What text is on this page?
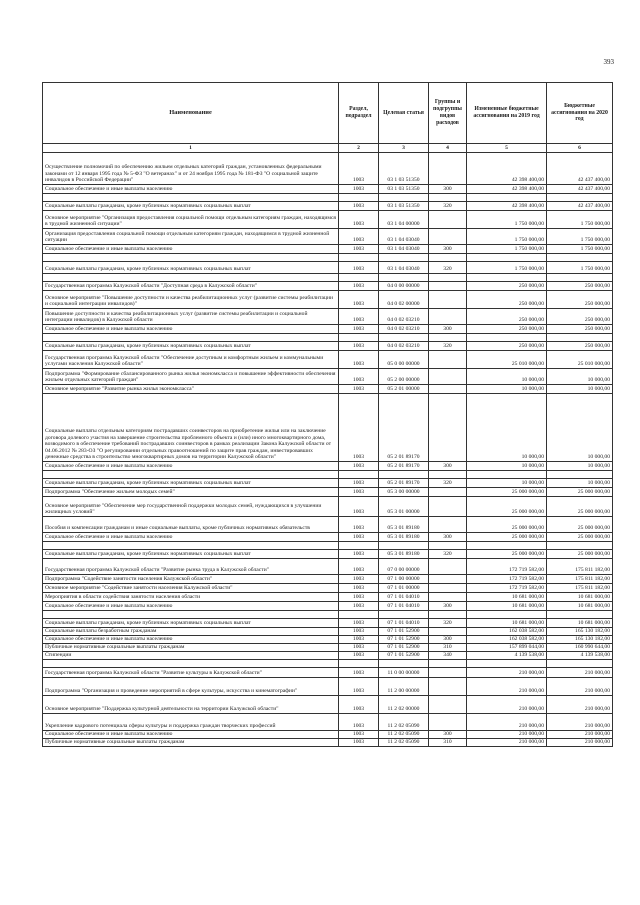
393
Наименование	Раздел, подраздел	Целевая статья	Группы и подгруппы видов расходов	Измененные бюджетные ассигнования на 2019 год	Бюджетные ассигнования на 2020 год
1	2	3	4	5	6
Осуществление полномочий по обеспечению жильем отдельных категорий граждан, установленных федеральными законами от 12 января 1995 года № 5-ФЗ "О ветеранах" и от 24 ноября 1995 года № 181-ФЗ "О социальной защите инвалидов в Российской Федерации"	1003	03 1 03 51350		42 398 400,00	42 437 400,00
Социальное обеспечение и иные выплаты населению	1003	03 1 03 51350	300	42 398 400,00	42 437 400,00

Социальные выплаты гражданам, кроме публичных нормативных социальных выплат	1003	03 1 03 51350	320	42 398 400,00	42 437 400,00
Основное мероприятие "Организация предоставления социальной помощи отдельным категориям граждан, находящимся в трудной жизненной ситуации"	1003	03 1 04 00000		1 750 000,00	1 750 000,00
Организация предоставления социальной помощи отдельным категориям граждан, находящимся в трудной жизненной ситуации	1003	03 1 04 03040		1 750 000,00	1 750 000,00
Социальное обеспечение и иные выплаты населению	1003	03 1 04 03040	300	1 750 000,00	1 750 000,00

Социальные выплаты гражданам, кроме публичных нормативных социальных выплат	1003	03 1 04 03040	320	1 750 000,00	1 750 000,00

Государственная программа Калужской области "Доступная среда в Калужской области"	1003	04 0 00 00000		250 000,00	250 000,00
Основное мероприятие "Повышение доступности и качества реабилитационных услуг (развитие системы реабилитации и социальной интеграции инвалидов)"	1003	04 0 02 00000		250 000,00	250 000,00
Повышение доступности и качества реабилитационных услуг (развитие системы реабилитации и социальной интеграции инвалидов) в Калужской области	1003	04 0 02 03210		250 000,00	250 000,00
Социальное обеспечение и иные выплаты населению	1003	04 0 02 03210	300	250 000,00	250 000,00

Социальные выплаты гражданам, кроме публичных нормативных социальных выплат	1003	04 0 02 03210	320	250 000,00	250 000,00
Государственная программа Калужской области "Обеспечение доступным и комфортным жильем и коммунальными услугами населения Калужской области"	1003	05 0 00 00000		25 010 000,00	25 010 000,00
Подпрограмма "Формирование сбалансированного рынка жилья экономкласса и повышение эффективности обеспечения жильем отдельных категорий граждан"	1003	05 2 00 00000		10 000,00	10 000,00
Основное мероприятие "Развитие рынка жилья экономкласса"	1003	05 2 01 00000		10 000,00	10 000,00
Социальные выплаты отдельным категориям пострадавших соинвесторов на приобретение жилья или на заключение договора долевого участия на завершение строительства проблемного объекта и (или) иного многоквартирного дома, возводимого в обеспечение требований пострадавших соинвесторов в рамках реализации Закона Калужской области от 04.06.2012 № 283-ОЗ "О регулировании отдельных правоотношений по защите прав граждан, инвестировавших денежные средства в строительство многоквартирных домов на территории Калужской области"	1003	05 2 01 89170		10 000,00	10 000,00
Социальное обеспечение и иные выплаты населению	1003	05 2 01 89170	300	10 000,00	10 000,00

Социальные выплаты гражданам, кроме публичных нормативных социальных выплат	1003	05 2 01 89170	320	10 000,00	10 000,00
Подпрограмма "Обеспечение жильем молодых семей"	1003	05 3 00 00000		25 000 000,00	25 000 000,00
Основное мероприятие "Обеспечение мер государственной поддержки молодых семей, нуждающихся в улучшении жилищных условий"	1003	05 3 01 00000		25 000 000,00	25 000 000,00
Пособия и компенсации гражданам и иные социальные выплаты, кроме публичных нормативных обязательств	1003	05 3 01 89180		25 000 000,00	25 000 000,00
Социальное обеспечение и иные выплаты населению	1003	05 3 01 89180	300	25 000 000,00	25 000 000,00

Социальные выплаты гражданам, кроме публичных нормативных социальных выплат	1003	05 3 01 89180	320	25 000 000,00	25 000 000,00
Государственная программа Калужской области "Развитие рынка труда в Калужской области"	1003	07 0 00 00000		172 719 582,00	175 811 182,00
Подпрограмма "Содействие занятости населения Калужской области"	1003	07 1 00 00000		172 719 582,00	175 811 182,00
Основное мероприятие "Содействие занятости населения Калужской области"	1003	07 1 01 00000		172 719 582,00	175 811 182,00
Мероприятия в области содействия занятости населения области	1003	07 1 01 04010		10 681 000,00	10 681 000,00
Социальное обеспечение и иные выплаты населению	1003	07 1 01 04010	300	10 681 000,00	10 681 000,00

Социальные выплаты гражданам, кроме публичных нормативных социальных выплат	1003	07 1 01 04010	320	10 681 000,00	10 681 000,00
Социальные выплаты безработным гражданам	1003	07 1 01 52900		162 038 582,00	165 130 182,00
Социальное обеспечение и иные выплаты населению	1003	07 1 01 52900	300	162 038 582,00	165 130 182,00
Публичные нормативные социальные выплаты гражданам	1003	07 1 01 52900	310	157 899 044,00	160 990 644,00
Стипендии	1003	07 1 01 52900	340	4 139 538,00	4 139 538,00

Государственная программа Калужской области "Развитие культуры в Калужской области"	1003	11 0 00 00000		210 000,00	210 000,00
Подпрограмма "Организация и проведение мероприятий в сфере культуры, искусства и кинематографии"	1003	11 2 00 00000		210 000,00	210 000,00
Основное мероприятие "Поддержка культурной деятельности на территории Калужской области"	1003	11 2 02 00000		210 000,00	210 000,00
Укрепление кадрового потенциала сферы культуры и поддержка граждан творческих профессий	1003	11 2 02 05090		210 000,00	210 000,00
Социальное обеспечение и иные выплаты населению	1003	11 2 02 05090	300	210 000,00	210 000,00
Публичные нормативные социальные выплаты гражданам	1003	11 2 02 05090	310	210 000,00	210 000,00
